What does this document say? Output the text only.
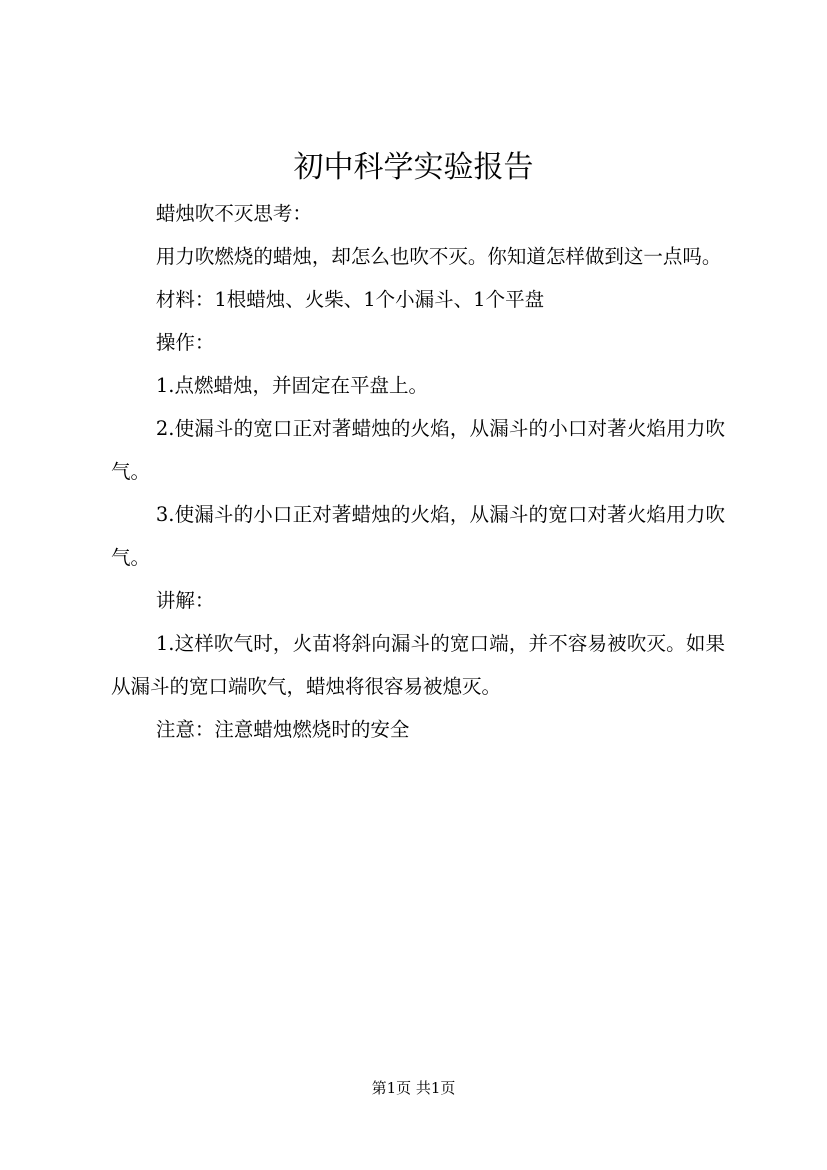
初中科学实验报告

蜡烛吹不灭思考：

用力吹燃烧的蜡烛，却怎么也吹不灭。你知道怎样做到这一点吗。

材料：1根蜡烛、火柴、1个小漏斗、1个平盘

操作：

1.点燃蜡烛，并固定在平盘上。

2.使漏斗的宽口正对著蜡烛的火焰，从漏斗的小口对著火焰用力吹气。

3.使漏斗的小口正对著蜡烛的火焰，从漏斗的宽口对著火焰用力吹气。

讲解：

1.这样吹气时，火苗将斜向漏斗的宽口端，并不容易被吹灭。如果从漏斗的宽口端吹气，蜡烛将很容易被熄灭。

注意：注意蜡烛燃烧时的安全

第1页 共1页
